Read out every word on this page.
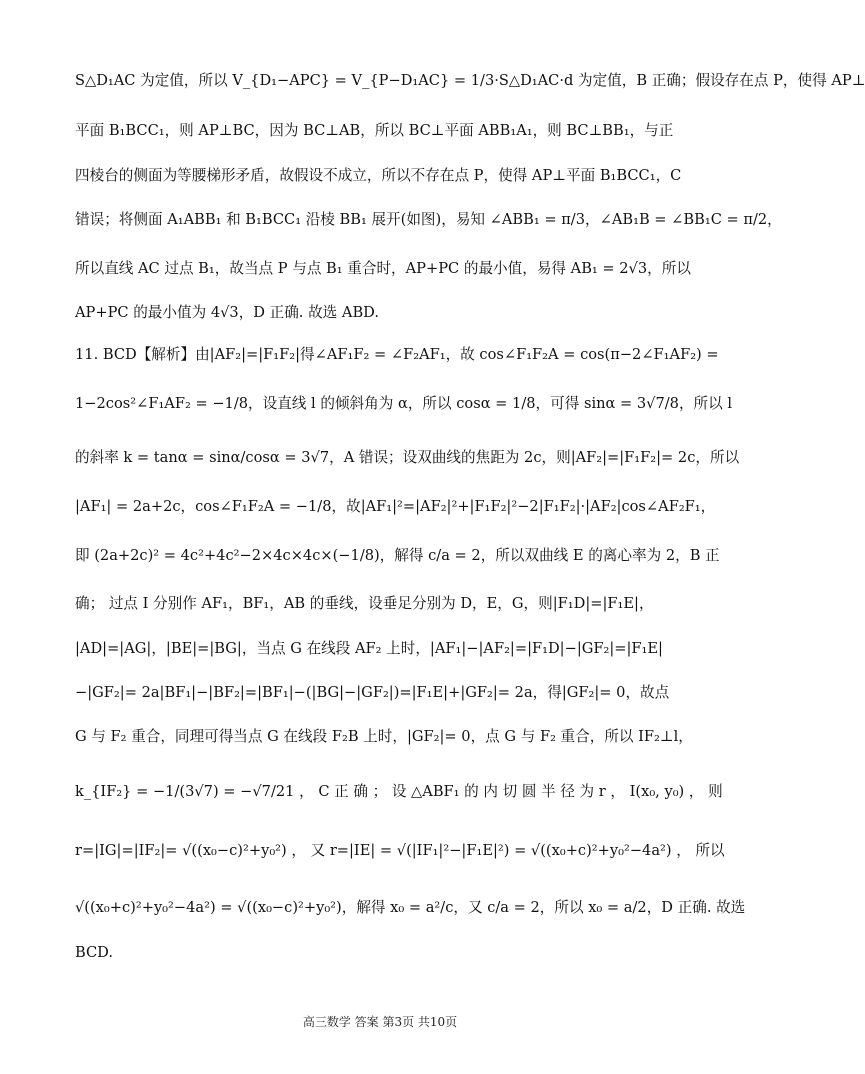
S△D₁AC 为定值，所以 V_{D₁−APC} = V_{P−D₁AC} = 1/3·S△D₁AC·d 为定值，B 正确；假设存在点 P，使得 AP⊥
平面 B₁BCC₁，则 AP⊥BC，因为 BC⊥AB，所以 BC⊥平面 ABB₁A₁，则 BC⊥BB₁，与正
四棱台的侧面为等腰梯形矛盾，故假设不成立，所以不存在点 P，使得 AP⊥平面 B₁BCC₁，C
错误；将侧面 A₁ABB₁ 和 B₁BCC₁ 沿棱 BB₁ 展开(如图)，易知 ∠ABB₁ = π/3，∠AB₁B = ∠BB₁C = π/2，
所以直线 AC 过点 B₁，故当点 P 与点 B₁ 重合时，AP+PC 的最小值，易得 AB₁ = 2√3，所以
AP+PC 的最小值为 4√3，D 正确. 故选 ABD.
11. BCD【解析】由|AF₂|=|F₁F₂|得∠AF₁F₂ = ∠F₂AF₁，故 cos∠F₁F₂A = cos(π−2∠F₁AF₂) =
1−2cos²∠F₁AF₂ = −1/8，设直线 l 的倾斜角为 α，所以 cosα = 1/8，可得 sinα = 3√7/8，所以 l
的斜率 k = tanα = sinα/cosα = 3√7，A 错误；设双曲线的焦距为 2c，则|AF₂|=|F₁F₂|= 2c，所以
|AF₁| = 2a+2c，cos∠F₁F₂A = −1/8，故|AF₁|²=|AF₂|²+|F₁F₂|²−2|F₁F₂|·|AF₂|cos∠AF₂F₁，
即 (2a+2c)² = 4c²+4c²−2×4c×4c×(−1/8)，解得 c/a = 2，所以双曲线 E 的离心率为 2，B 正
确； 过点 I 分别作 AF₁，BF₁，AB 的垂线，设垂足分别为 D，E，G，则|F₁D|=|F₁E|，
|AD|=|AG|，|BE|=|BG|，当点 G 在线段 AF₂ 上时，|AF₁|−|AF₂|=|F₁D|−|GF₂|=|F₁E|
−|GF₂|= 2a|BF₁|−|BF₂|=|BF₁|−(|BG|−|GF₂|)=|F₁E|+|GF₂|= 2a，得|GF₂|= 0，故点
G 与 F₂ 重合，同理可得当点 G 在线段 F₂B 上时，|GF₂|= 0，点 G 与 F₂ 重合，所以 IF₂⊥l，
k_{IF₂} = −1/(3√7) = −√7/21 ， C 正 确 ； 设 △ABF₁ 的 内 切 圆 半 径 为 r ， I(x₀, y₀) ， 则
r=|IG|=|IF₂|= √((x₀−c)²+y₀²) ， 又 r=|IE| = √(|IF₁|²−|F₁E|²) = √((x₀+c)²+y₀²−4a²) ， 所以
√((x₀+c)²+y₀²−4a²) = √((x₀−c)²+y₀²)，解得 x₀ = a²/c，又 c/a = 2，所以 x₀ = a/2，D 正确. 故选
BCD.
高三数学 答案 第3页 共10页
